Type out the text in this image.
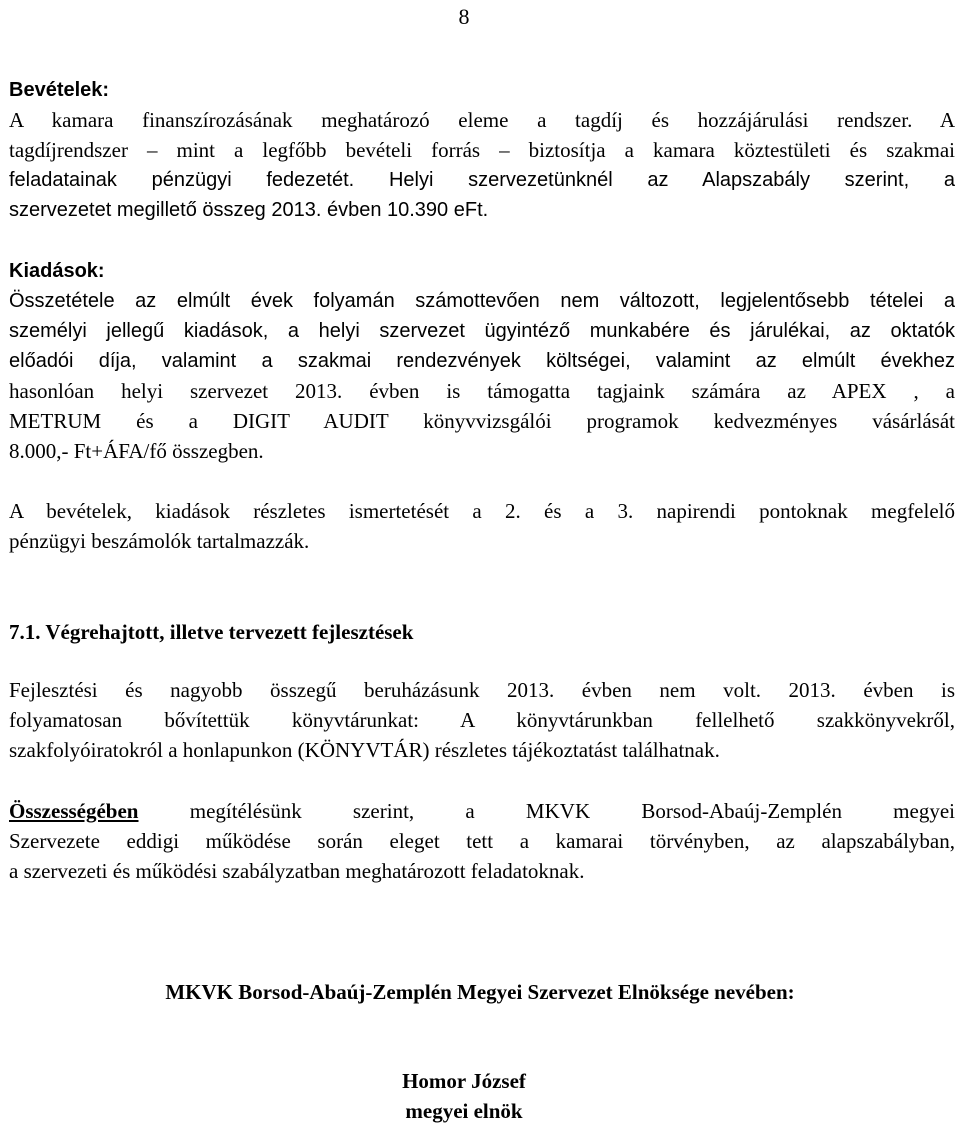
8
Bevételek:
A kamara finanszírozásának meghatározó eleme a tagdíj és hozzájárulási rendszer. A
tagdíjrendszer – mint a legfőbb bevételi forrás – biztosítja a kamara köztestületi és szakmai
feladatainak pénzügyi fedezetét. Helyi szervezetünknél az Alapszabály szerint, a
szervezetet megillető összeg 2013. évben 10.390 eFt.
Kiadások:
Összetétele az elmúlt évek folyamán számottevően nem változott, legjelentősebb tételei a
személyi jellegű kiadások, a helyi szervezet ügyintéző munkabére és járulékai, az oktatók
előadói díja, valamint a szakmai rendezvények költségei, valamint az elmúlt évekhez
hasonlóan helyi szervezet 2013. évben is támogatta tagjaink számára az APEX , a
METRUM és a DIGIT AUDIT könyvvizsgálói programok kedvezményes vásárlását
8.000,- Ft+ÁFA/fő összegben.
A bevételek, kiadások részletes ismertetését a 2. és a 3. napirendi pontoknak megfelelő
pénzügyi beszámolók tartalmazzák.
7.1. Végrehajtott, illetve tervezett fejlesztések
Fejlesztési és nagyobb összegű beruházásunk 2013. évben nem volt. 2013. évben is
folyamatosan bővítettük könyvtárunkat: A könyvtárunkban fellelhető szakkönyvekről,
szakfolyóiratokról a honlapunkon (KÖNYVTÁR) részletes tájékoztatást találhatnak.
Összességében megítélésünk szerint, a MKVK Borsod-Abaúj-Zemplén megyei
Szervezete eddigi működése során eleget tett a kamarai törvényben, az alapszabályban,
a szervezeti és működési szabályzatban meghatározott feladatoknak.
MKVK Borsod-Abaúj-Zemplén Megyei Szervezet Elnöksége nevében:
Homor József
megyei elnök
